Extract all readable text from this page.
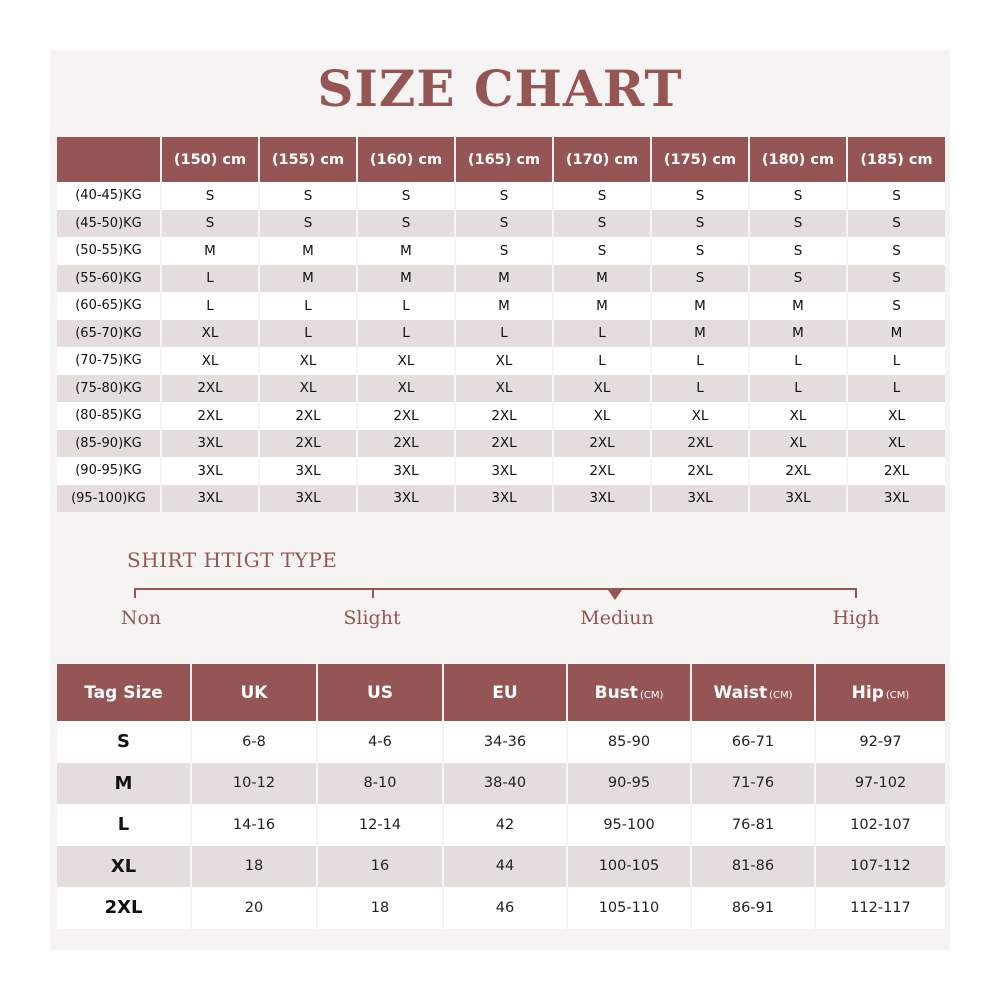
SIZE CHART
	(150) cm	(155) cm	(160) cm	(165) cm	(170) cm	(175) cm	(180) cm	(185) cm
(40-45)KG	S	S	S	S	S	S	S	S
(45-50)KG	S	S	S	S	S	S	S	S
(50-55)KG	M	M	M	S	S	S	S	S
(55-60)KG	L	M	M	M	M	S	S	S
(60-65)KG	L	L	L	M	M	M	M	S
(65-70)KG	XL	L	L	L	L	M	M	M
(70-75)KG	XL	XL	XL	XL	L	L	L	L
(75-80)KG	2XL	XL	XL	XL	XL	L	L	L
(80-85)KG	2XL	2XL	2XL	2XL	XL	XL	XL	XL
(85-90)KG	3XL	2XL	2XL	2XL	2XL	2XL	XL	XL
(90-95)KG	3XL	3XL	3XL	3XL	2XL	2XL	2XL	2XL
(95-100)KG	3XL	3XL	3XL	3XL	3XL	3XL	3XL	3XL
SHIRT HTIGT TYPE
Non	Slight	Mediun	High
Tag Size	UK	US	EU	Bust (CM)	Waist (CM)	Hip (CM)
S	6-8	4-6	34-36	85-90	66-71	92-97
M	10-12	8-10	38-40	90-95	71-76	97-102
L	14-16	12-14	42	95-100	76-81	102-107
XL	18	16	44	100-105	81-86	107-112
2XL	20	18	46	105-110	86-91	112-117
